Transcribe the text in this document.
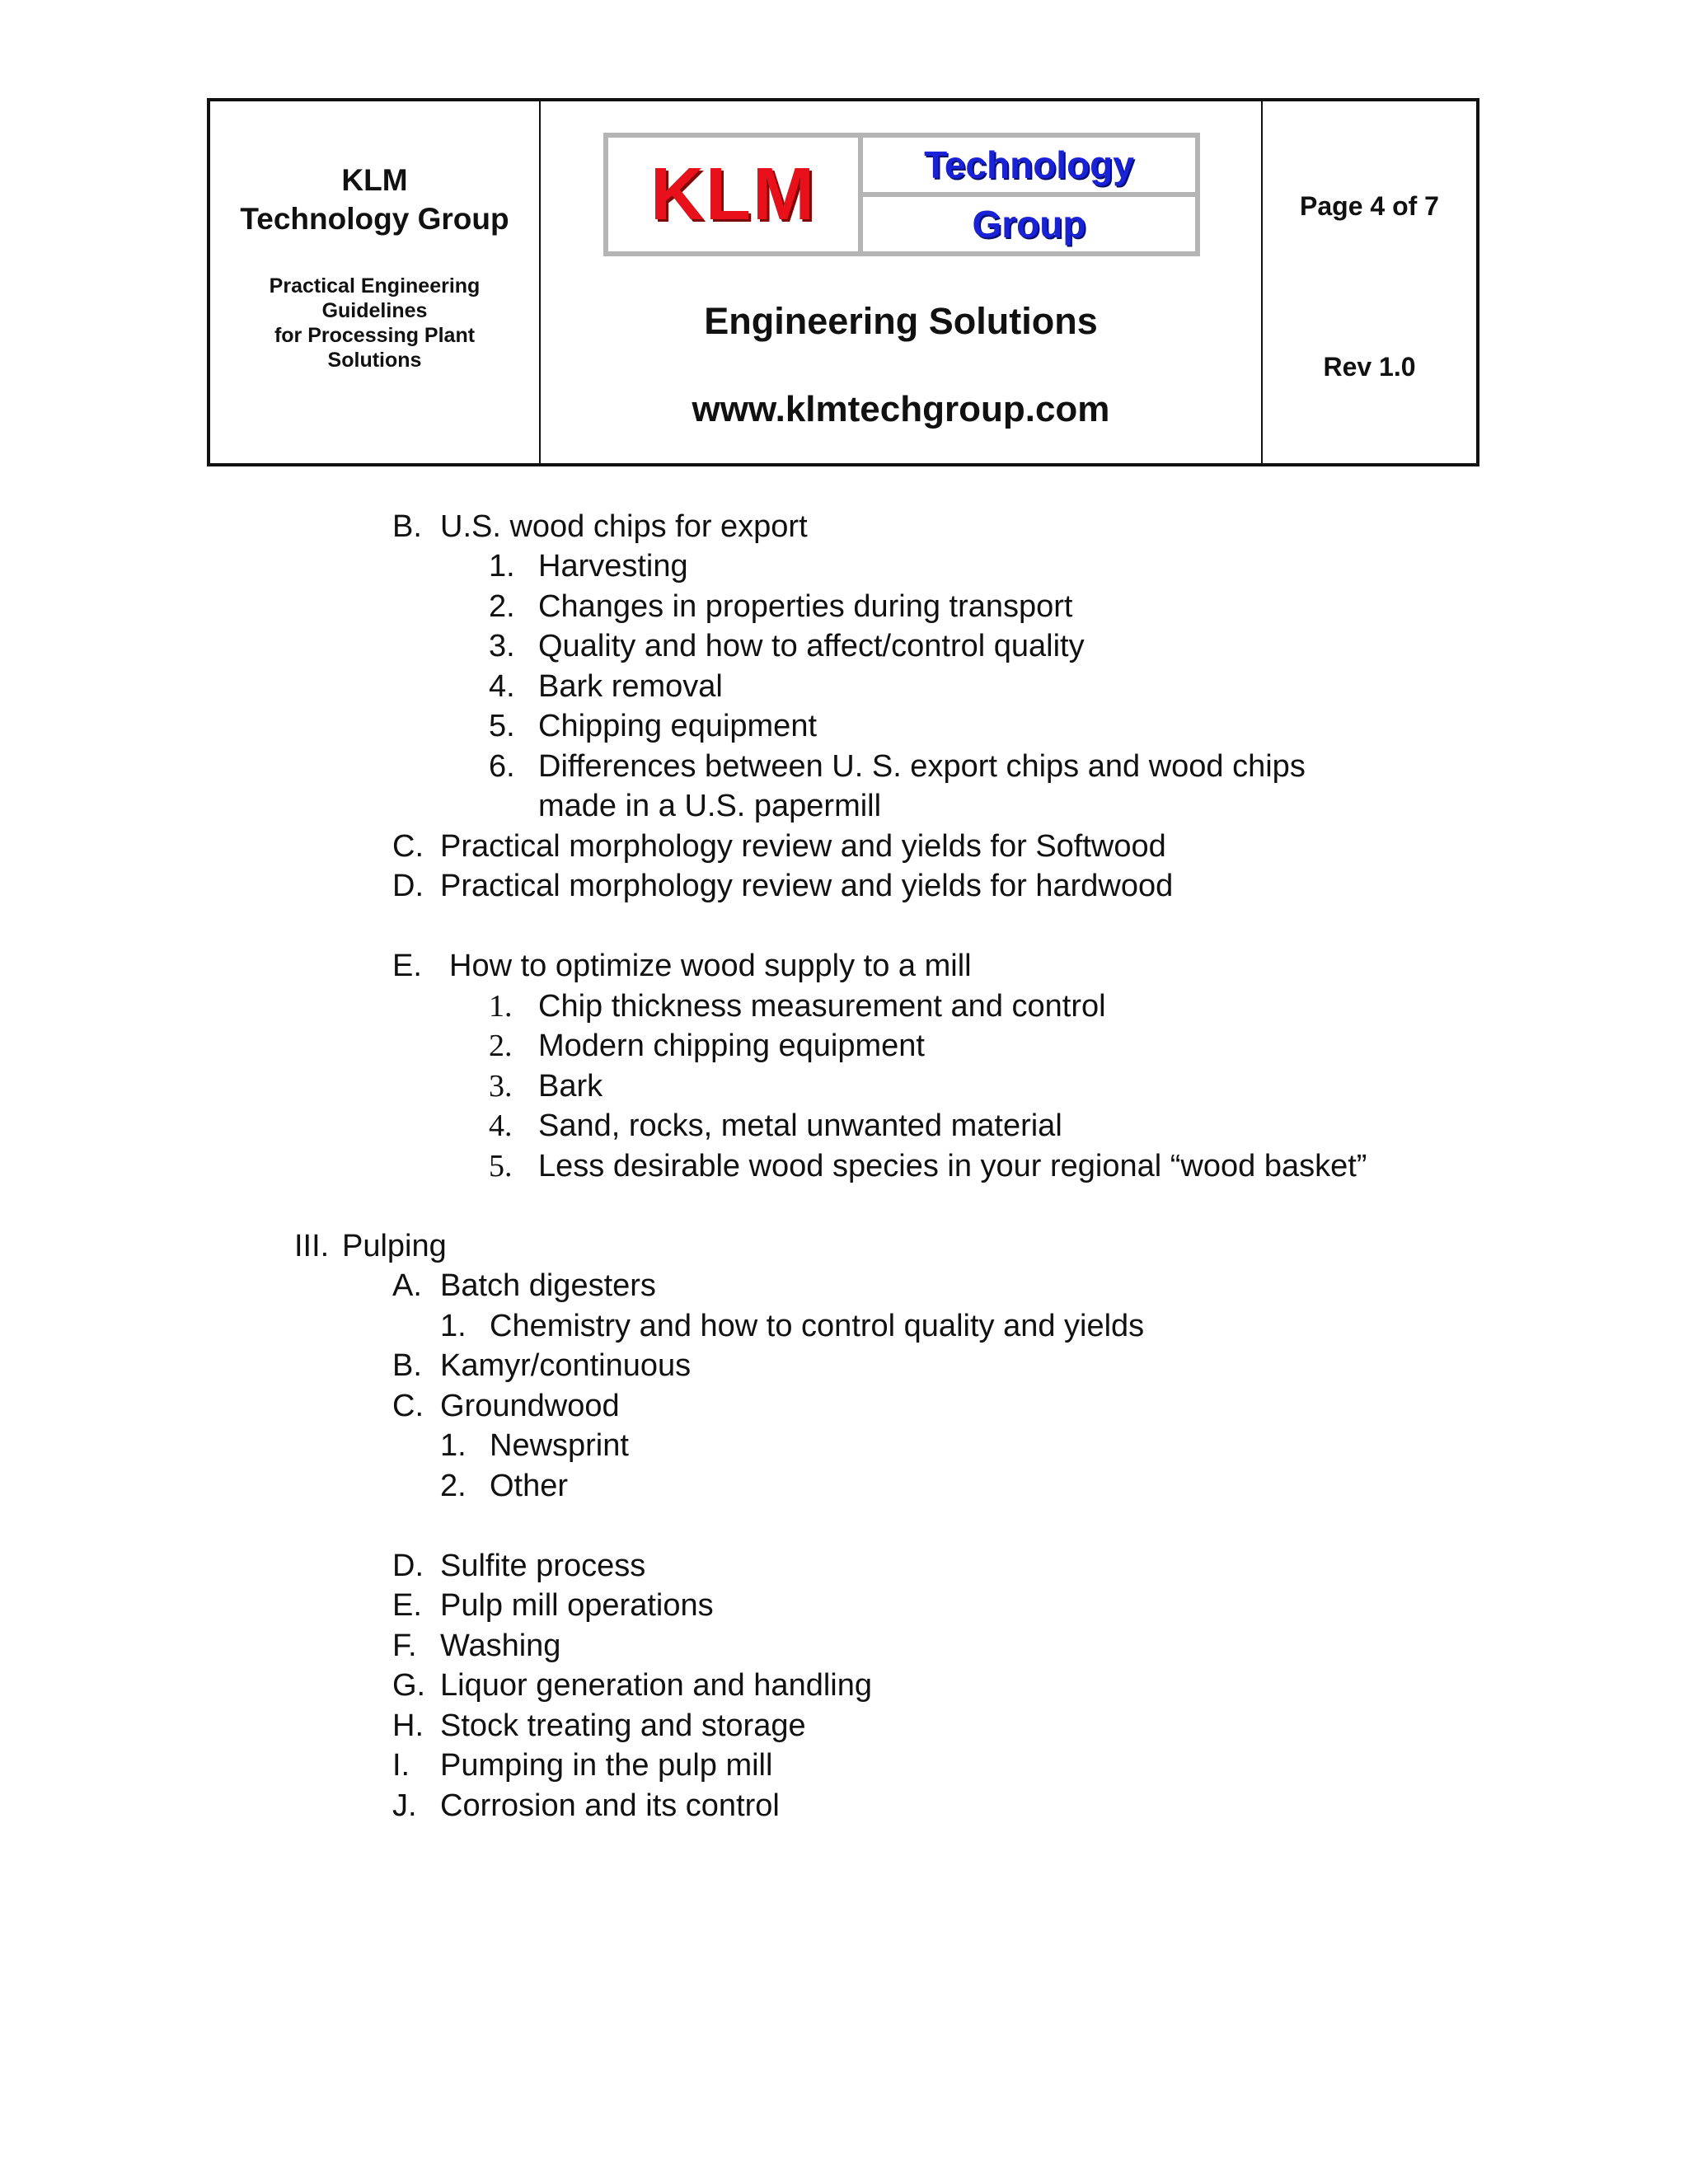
KLM
Technology Group
Practical Engineering
Guidelines
for Processing Plant
Solutions
KLM	Technology
Group
Engineering Solutions
www.klmtechgroup.com
Page 4 of 7
Rev 1.0
B. U.S. wood chips for export
1. Harvesting
2. Changes in properties during transport
3. Quality and how to affect/control quality
4. Bark removal
5. Chipping equipment
6. Differences between U. S. export chips and wood chips
made in a U.S. papermill
C. Practical morphology review and yields for Softwood
D. Practical morphology review and yields for hardwood
E. How to optimize wood supply to a mill
1. Chip thickness measurement and control
2. Modern chipping equipment
3. Bark
4. Sand, rocks, metal unwanted material
5. Less desirable wood species in your regional “wood basket”
III. Pulping
A. Batch digesters
1. Chemistry and how to control quality and yields
B. Kamyr/continuous
C. Groundwood
1. Newsprint
2. Other
D. Sulfite process
E. Pulp mill operations
F. Washing
G. Liquor generation and handling
H. Stock treating and storage
I. Pumping in the pulp mill
J. Corrosion and its control
